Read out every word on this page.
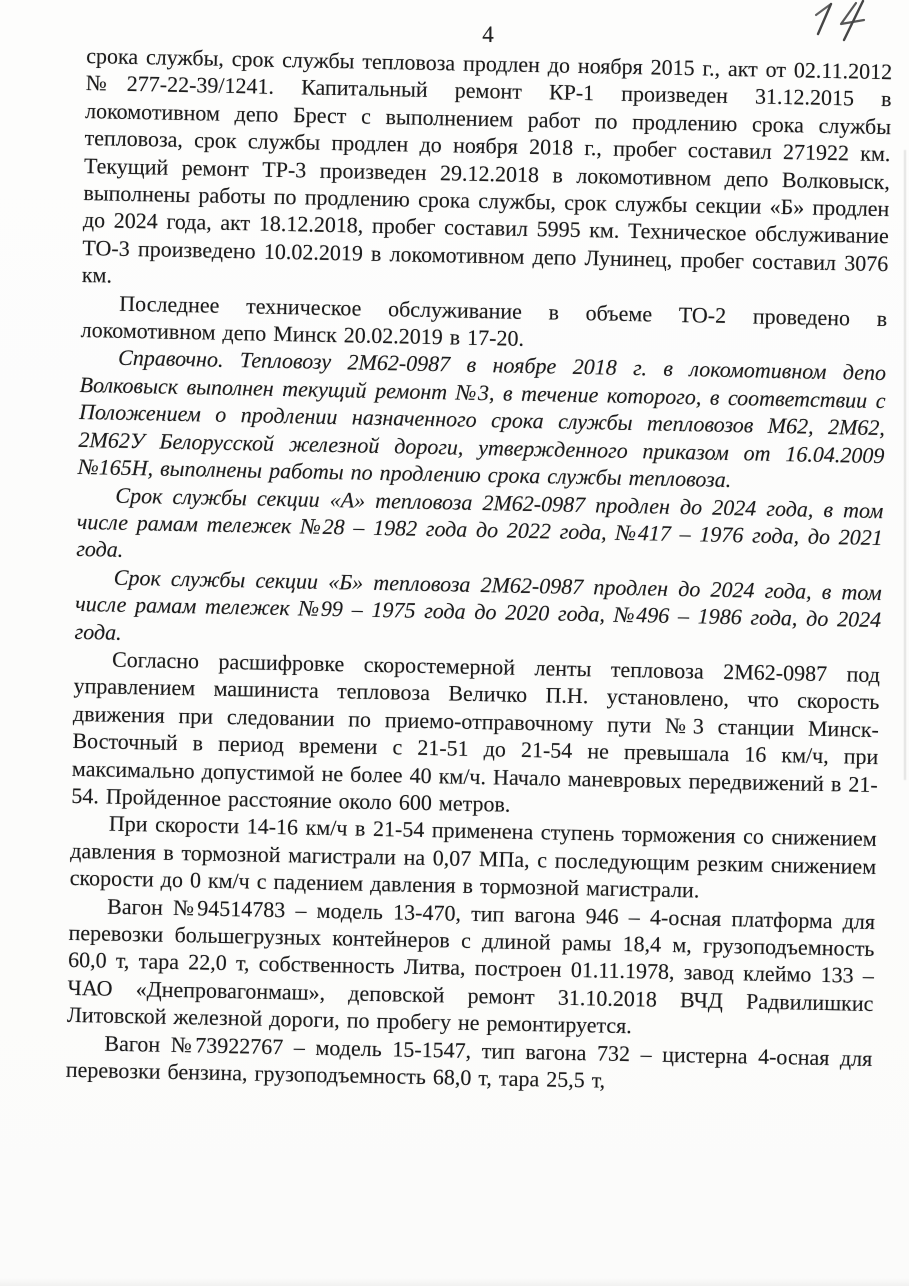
4

срока службы, срок службы тепловоза продлен до ноября 2015 г., акт от 02.11.2012 №277-22-39/1241. Капитальный ремонт КР-1 произведен 31.12.2015 в локомотивном депо Брест с выполнением работ по продлению срока службы тепловоза, срок службы продлен до ноября 2018 г., пробег составил 271922 км. Текущий ремонт ТР-3 произведен 29.12.2018 в локомотивном депо Волковыск, выполнены работы по продлению срока службы, срок службы секции «Б» продлен до 2024 года, акт 18.12.2018, пробег составил 5995 км. Техническое обслуживание ТО-3 произведено 10.02.2019 в локомотивном депо Лунинец, пробег составил 3076 км.

Последнее техническое обслуживание в объеме ТО-2 проведено в локомотивном депо Минск 20.02.2019 в 17-20.

Справочно. Тепловозу 2М62-0987 в ноябре 2018 г. в локомотивном депо Волковыск выполнен текущий ремонт №3, в течение которого, в соответствии с Положением о продлении назначенного срока службы тепловозов М62, 2М62, 2М62У Белорусской железной дороги, утвержденного приказом от 16.04.2009 №165Н, выполнены работы по продлению срока службы тепловоза.

Срок службы секции «А» тепловоза 2М62-0987 продлен до 2024 года, в том числе рамам тележек №28 – 1982 года до 2022 года, №417 – 1976 года, до 2021 года.

Срок службы секции «Б» тепловоза 2М62-0987 продлен до 2024 года, в том числе рамам тележек №99 – 1975 года до 2020 года, №496 – 1986 года, до 2024 года.

Согласно расшифровке скоростемерной ленты тепловоза 2М62-0987 под управлением машиниста тепловоза Величко П.Н. установлено, что скорость движения при следовании по приемо-отправочному пути №3 станции Минск-Восточный в период времени с 21-51 до 21-54 не превышала 16 км/ч, при максимально допустимой не более 40 км/ч. Начало маневровых передвижений в 21-54. Пройденное расстояние около 600 метров.

При скорости 14-16 км/ч в 21-54 применена ступень торможения со снижением давления в тормозной магистрали на 0,07 МПа, с последующим резким снижением скорости до 0 км/ч с падением давления в тормозной магистрали.

Вагон №94514783 – модель 13-470, тип вагона 946 – 4-осная платформа для перевозки большегрузных контейнеров с длиной рамы 18,4 м, грузоподъемность 60,0 т, тара 22,0 т, собственность Литва, построен 01.11.1978, завод клеймо 133 – ЧАО «Днепровагонмаш», деповской ремонт 31.10.2018 ВЧД Радвилишкис Литовской железной дороги, по пробегу не ремонтируется.

Вагон №73922767 – модель 15-1547, тип вагона 732 – цистерна 4-осная для перевозки бензина, грузоподъемность 68,0 т, тара 25,5 т,
